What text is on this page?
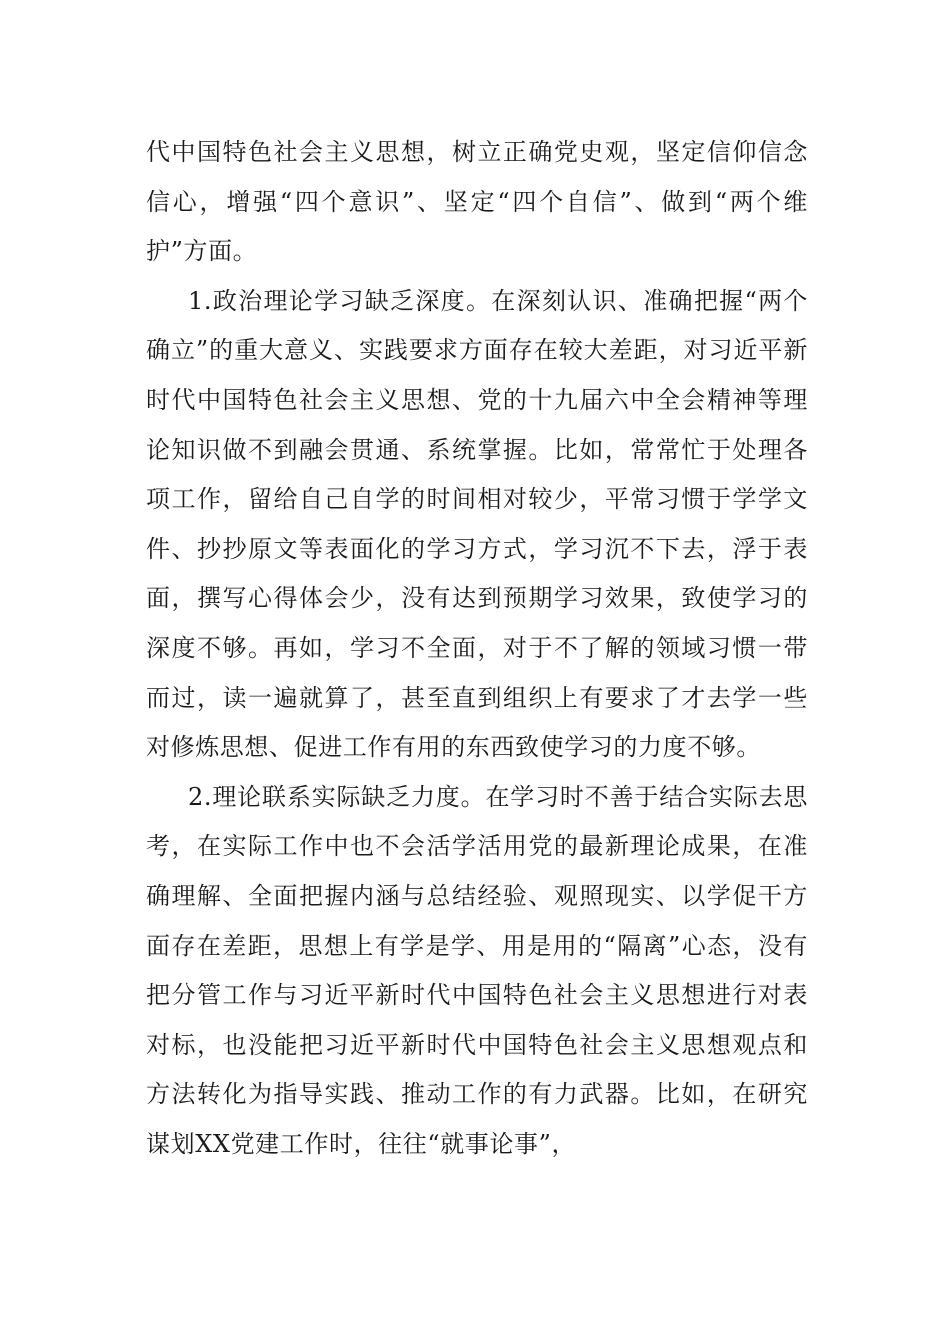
代中国特色社会主义思想，树立正确党史观，坚定信仰信念信心，增强“四个意识”、坚定“四个自信”、做到“两个维护”方面。

1.政治理论学习缺乏深度。在深刻认识、准确把握“两个确立”的重大意义、实践要求方面存在较大差距，对习近平新时代中国特色社会主义思想、党的十九届六中全会精神等理论知识做不到融会贯通、系统掌握。比如，常常忙于处理各项工作，留给自己自学的时间相对较少，平常习惯于学学文件、抄抄原文等表面化的学习方式，学习沉不下去，浮于表面，撰写心得体会少，没有达到预期学习效果，致使学习的深度不够。再如，学习不全面，对于不了解的领域习惯一带而过，读一遍就算了，甚至直到组织上有要求了才去学一些对修炼思想、促进工作有用的东西致使学习的力度不够。

2.理论联系实际缺乏力度。在学习时不善于结合实际去思考，在实际工作中也不会活学活用党的最新理论成果，在准确理解、全面把握内涵与总结经验、观照现实、以学促干方面存在差距，思想上有学是学、用是用的“隔离”心态，没有把分管工作与习近平新时代中国特色社会主义思想进行对表对标，也没能把习近平新时代中国特色社会主义思想观点和方法转化为指导实践、推动工作的有力武器。比如，在研究谋划XX党建工作时，往往“就事论事”，
